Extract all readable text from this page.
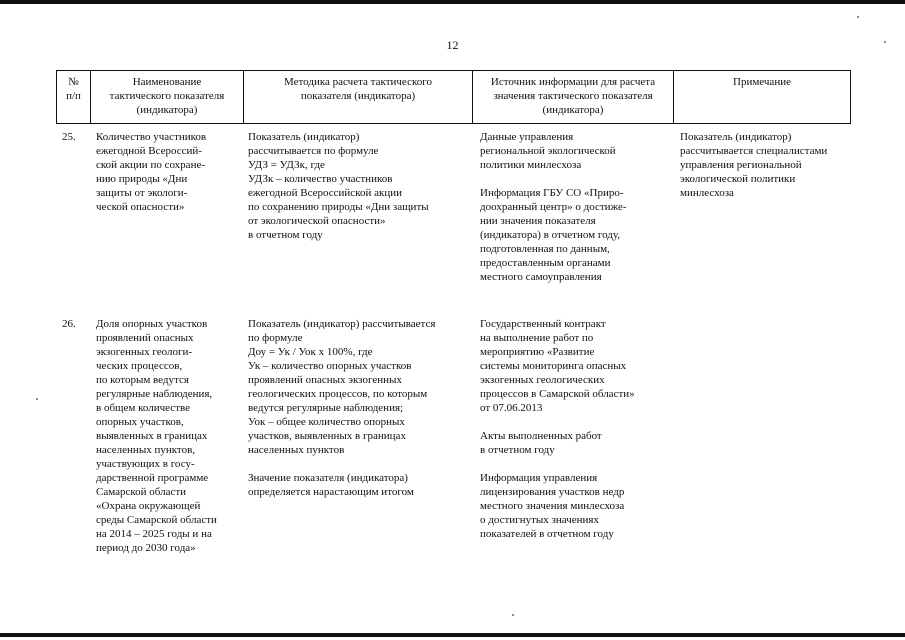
12
№
п/п
Наименование
тактического показателя
(индикатора)
Методика расчета тактического
показателя (индикатора)
Источник информации для расчета
значения тактического показателя
(индикатора)
Примечание
25.	Количество участников
ежегодной Всероссий-
ской акции по сохране-
нию природы «Дни
защиты от экологи-
ческой опасности»
Показатель (индикатор)
рассчитывается по формуле
УДЗ = УДЗк, где
УДЗк – количество участников
ежегодной Всероссийской акции
по сохранению природы «Дни защиты
от экологической опасности»
в отчетном году
Данные управления
региональной экологической
политики минлесхоза

Информация ГБУ СО «Приро-
доохранный центр» о достиже-
нии значения показателя
(индикатора) в отчетном году,
подготовленная по данным,
предоставленным органами
местного самоуправления
Показатель (индикатор)
рассчитывается специалистами
управления региональной
экологической политики
минлесхоза
26.	Доля опорных участков
проявлений опасных
экзогенных геологи-
ческих процессов,
по которым ведутся
регулярные наблюдения,
в общем количестве
опорных участков,
выявленных в границах
населенных пунктов,
участвующих в госу-
дарственной программе
Самарской области
«Охрана окружающей
среды Самарской области
на 2014 – 2025 годы и на
период до 2030 года»
Показатель (индикатор) рассчитывается
по формуле
Доу = Ук / Уок х 100%, где
Ук – количество опорных участков
проявлений опасных экзогенных
геологических процессов, по которым
ведутся регулярные наблюдения;
Уок – общее количество опорных
участков, выявленных в границах
населенных пунктов

Значение показателя (индикатора)
определяется нарастающим итогом
Государственный контракт
на выполнение работ по
мероприятию «Развитие
системы мониторинга опасных
экзогенных геологических
процессов в Самарской области»
от 07.06.2013

Акты выполненных работ
в отчетном году

Информация управления
лицензирования участков недр
местного значения минлесхоза
о достигнутых значениях
показателей в отчетном году
